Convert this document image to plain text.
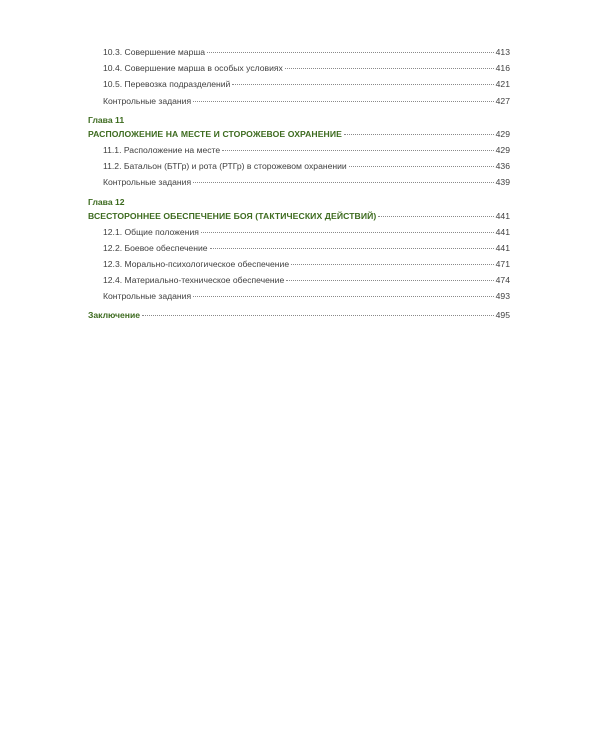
10.3. Совершение марша	413
10.4. Совершение марша в особых условиях	416
10.5. Перевозка подразделений	421
Контрольные задания	427
Глава 11
РАСПОЛОЖЕНИЕ НА МЕСТЕ И СТОРОЖЕВОЕ ОХРАНЕНИЕ	429
11.1. Расположение на месте	429
11.2. Батальон (БТГр) и рота (РТГр) в сторожевом охранении	436
Контрольные задания	439
Глава 12
ВСЕСТОРОННЕЕ ОБЕСПЕЧЕНИЕ БОЯ (ТАКТИЧЕСКИХ ДЕЙСТВИЙ)	441
12.1. Общие положения	441
12.2. Боевое обеспечение	441
12.3. Морально-психологическое обеспечение	471
12.4. Материально-техническое обеспечение	474
Контрольные задания	493
Заключение	495
